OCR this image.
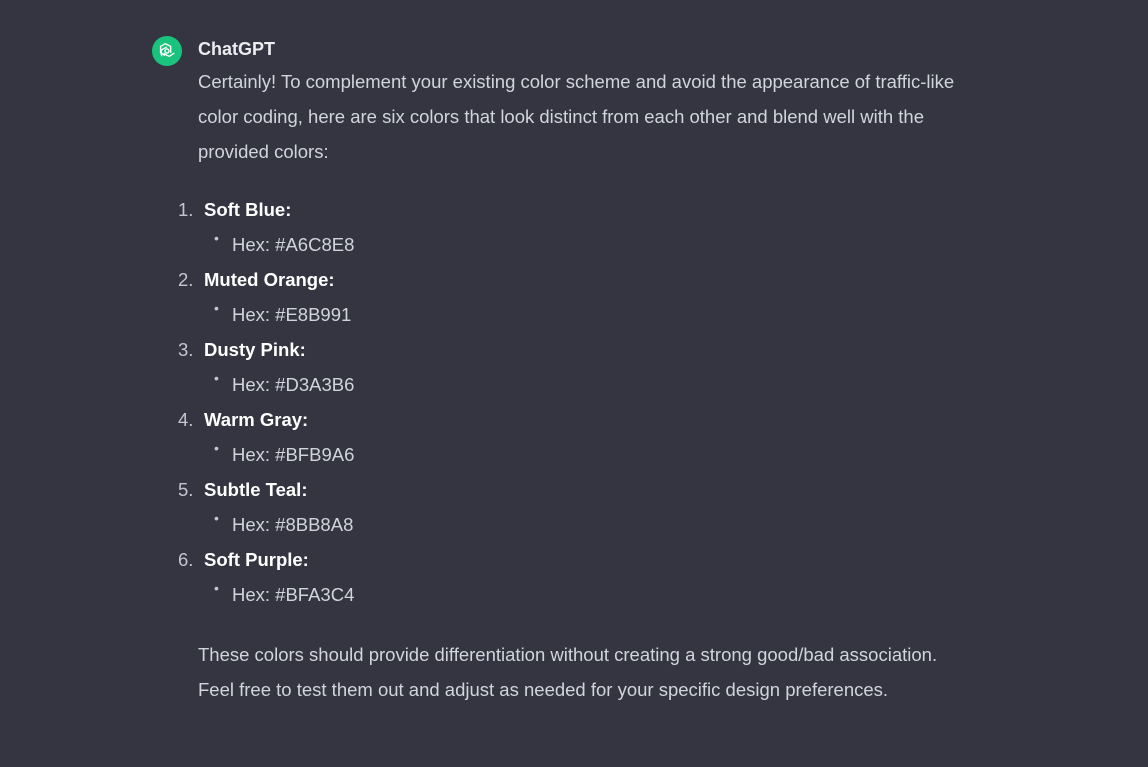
ChatGPT

Certainly! To complement your existing color scheme and avoid the appearance of traffic-like color coding, here are six colors that look distinct from each other and blend well with the provided colors:

1. Soft Blue:
• Hex: #A6C8E8
2. Muted Orange:
• Hex: #E8B991
3. Dusty Pink:
• Hex: #D3A3B6
4. Warm Gray:
• Hex: #BFB9A6
5. Subtle Teal:
• Hex: #8BB8A8
6. Soft Purple:
• Hex: #BFA3C4

These colors should provide differentiation without creating a strong good/bad association. Feel free to test them out and adjust as needed for your specific design preferences.
